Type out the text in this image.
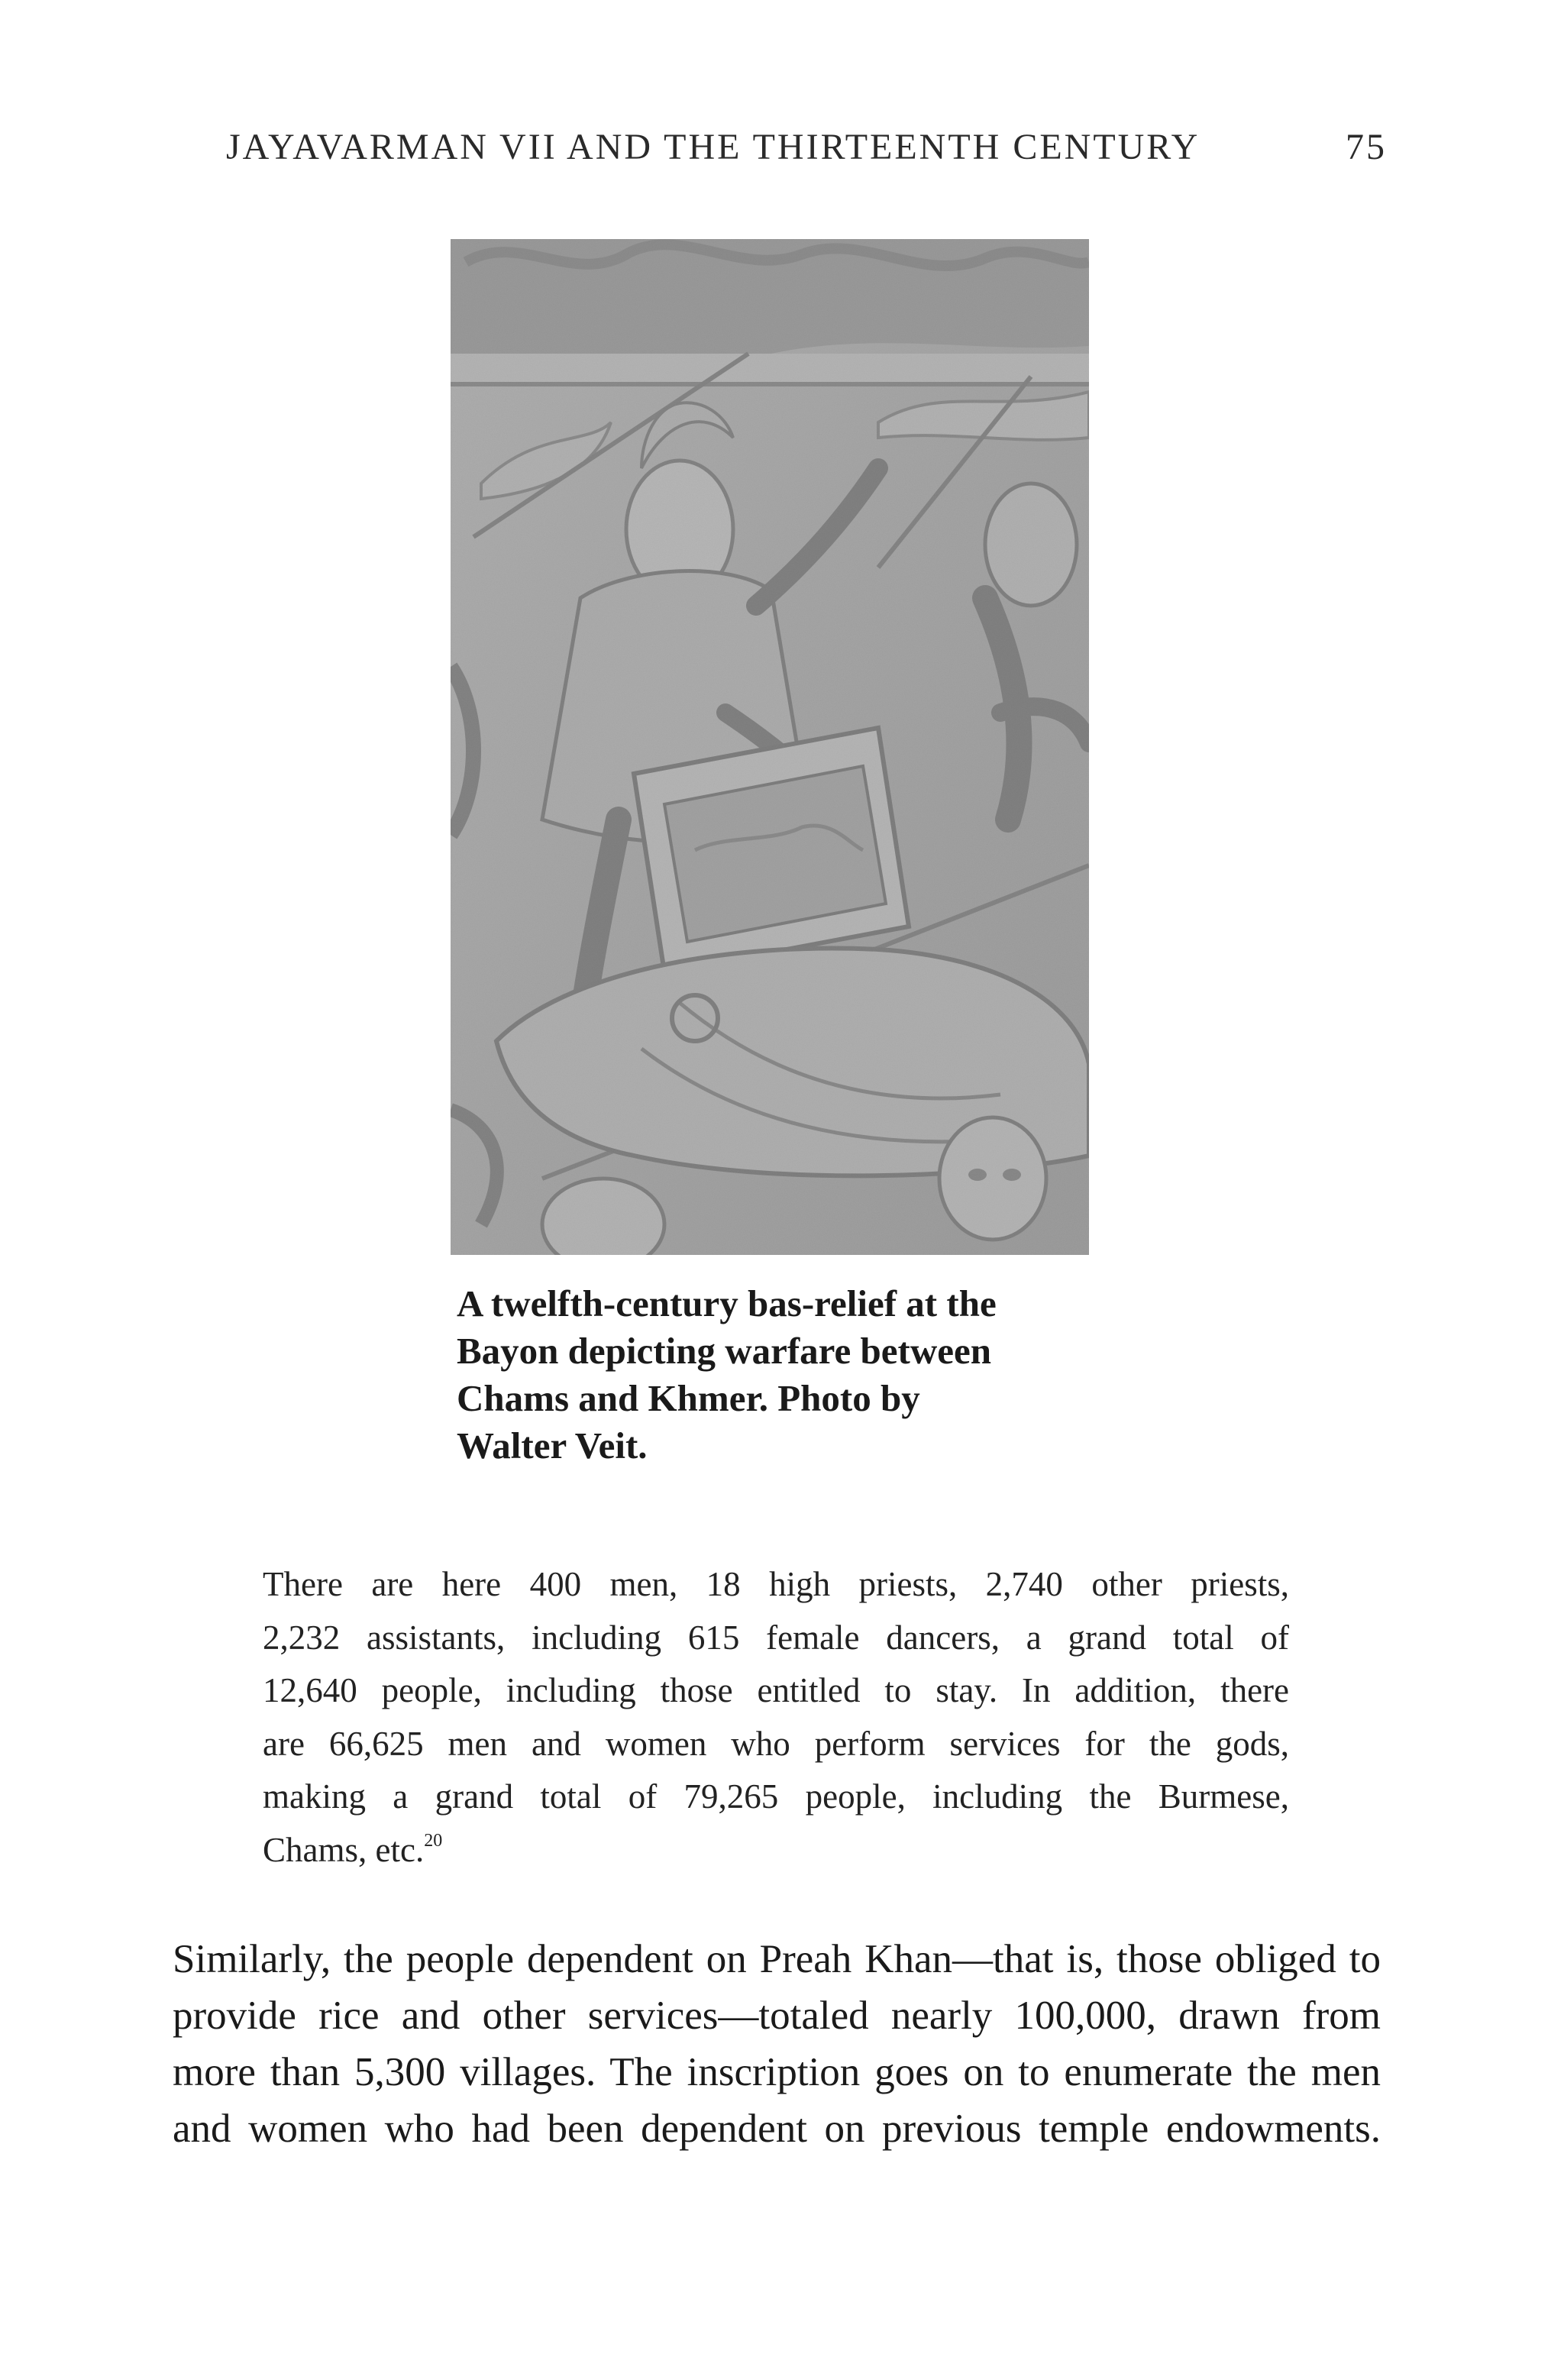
JAYAVARMAN VII AND THE THIRTEENTH CENTURY	75
A twelfth-century bas-relief at the
Bayon depicting warfare between
Chams and Khmer. Photo by
Walter Veit.
There are here 400 men, 18 high priests, 2,740 other priests,
2,232 assistants, including 615 female dancers, a grand total of
12,640 people, including those entitled to stay. In addition, there
are 66,625 men and women who perform services for the gods,
making a grand total of 79,265 people, including the Burmese,
Chams, etc.$^{20}$
Similarly, the people dependent on Preah Khan—that is, those obliged to
provide rice and other services—totaled nearly 100,000, drawn from
more than 5,300 villages. The inscription goes on to enumerate the men
and women who had been dependent on previous temple endowments.
